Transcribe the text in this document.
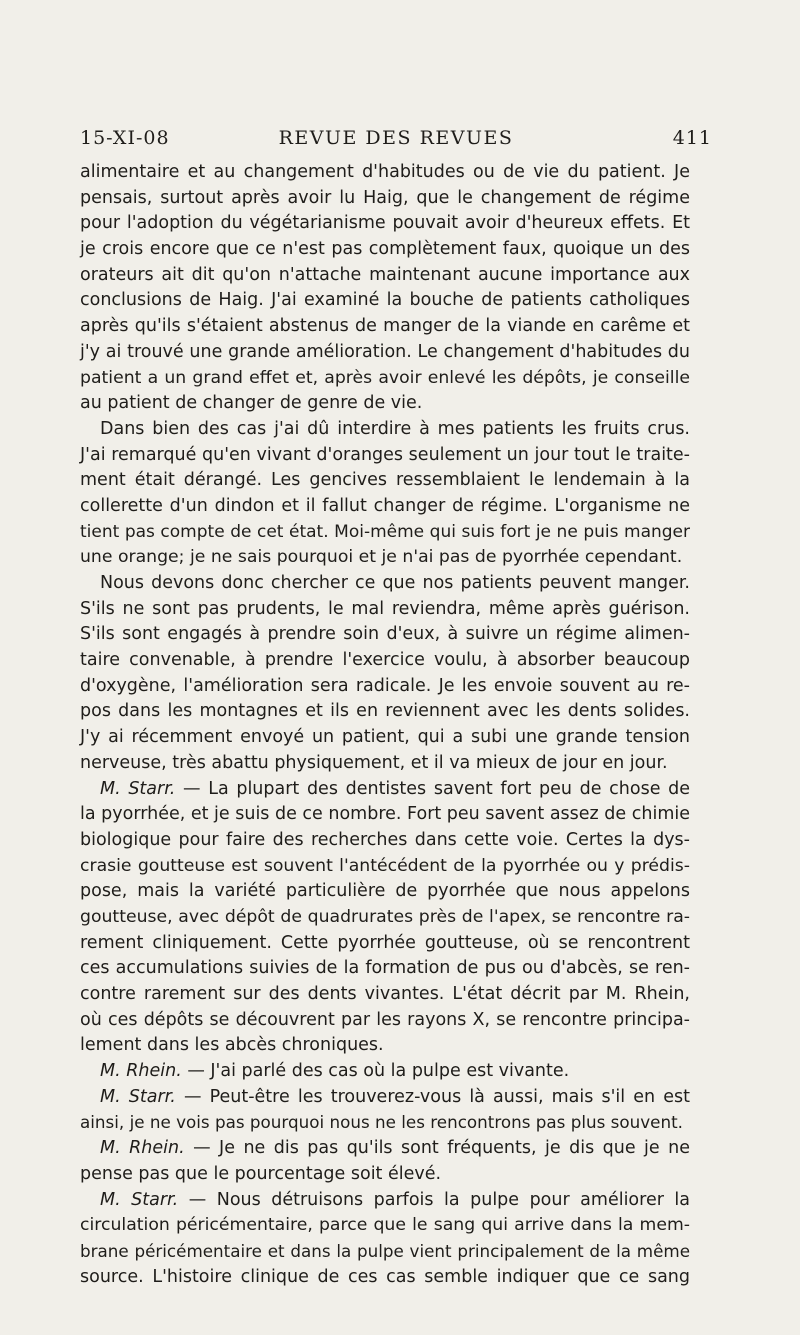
15-XI-08	REVUE DES REVUES	411
alimentaire et au changement d'habitudes ou de vie du patient. Je
pensais, surtout après avoir lu Haig, que le changement de régime
pour l'adoption du végétarianisme pouvait avoir d'heureux effets. Et
je crois encore que ce n'est pas complètement faux, quoique un des
orateurs ait dit qu'on n'attache maintenant aucune importance aux
conclusions de Haig. J'ai examiné la bouche de patients catholiques
après qu'ils s'étaient abstenus de manger de la viande en carême et
j'y ai trouvé une grande amélioration. Le changement d'habitudes du
patient a un grand effet et, après avoir enlevé les dépôts, je conseille
au patient de changer de genre de vie.
Dans bien des cas j'ai dû interdire à mes patients les fruits crus.
J'ai remarqué qu'en vivant d'oranges seulement un jour tout le traite-
ment était dérangé. Les gencives ressemblaient le lendemain à la
collerette d'un dindon et il fallut changer de régime. L'organisme ne
tient pas compte de cet état. Moi-même qui suis fort je ne puis manger
une orange; je ne sais pourquoi et je n'ai pas de pyorrhée cependant.
Nous devons donc chercher ce que nos patients peuvent manger.
S'ils ne sont pas prudents, le mal reviendra, même après guérison.
S'ils sont engagés à prendre soin d'eux, à suivre un régime alimen-
taire convenable, à prendre l'exercice voulu, à absorber beaucoup
d'oxygène, l'amélioration sera radicale. Je les envoie souvent au re-
pos dans les montagnes et ils en reviennent avec les dents solides.
J'y ai récemment envoyé un patient, qui a subi une grande tension
nerveuse, très abattu physiquement, et il va mieux de jour en jour.
M. Starr. — La plupart des dentistes savent fort peu de chose de
la pyorrhée, et je suis de ce nombre. Fort peu savent assez de chimie
biologique pour faire des recherches dans cette voie. Certes la dys-
crasie goutteuse est souvent l'antécédent de la pyorrhée ou y prédis-
pose, mais la variété particulière de pyorrhée que nous appelons
goutteuse, avec dépôt de quadrurates près de l'apex, se rencontre ra-
rement cliniquement. Cette pyorrhée goutteuse, où se rencontrent
ces accumulations suivies de la formation de pus ou d'abcès, se ren-
contre rarement sur des dents vivantes. L'état décrit par M. Rhein,
où ces dépôts se découvrent par les rayons X, se rencontre principa-
lement dans les abcès chroniques.
M. Rhein. — J'ai parlé des cas où la pulpe est vivante.
M. Starr. — Peut-être les trouverez-vous là aussi, mais s'il en est
ainsi, je ne vois pas pourquoi nous ne les rencontrons pas plus souvent.
M. Rhein. — Je ne dis pas qu'ils sont fréquents, je dis que je ne
pense pas que le pourcentage soit élevé.
M. Starr. — Nous détruisons parfois la pulpe pour améliorer la
circulation péricémentaire, parce que le sang qui arrive dans la mem-
brane péricémentaire et dans la pulpe vient principalement de la même
source. L'histoire clinique de ces cas semble indiquer que ce sang
